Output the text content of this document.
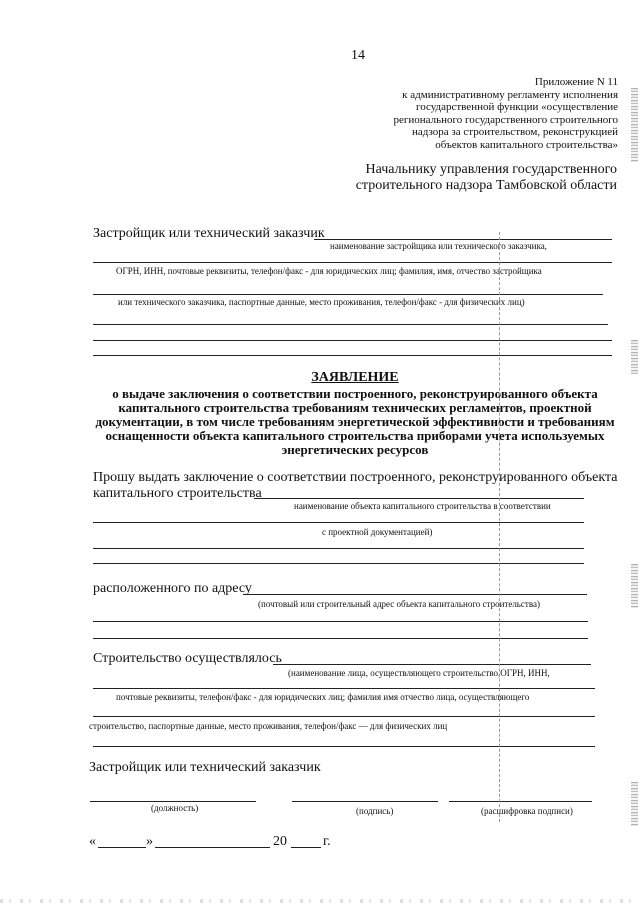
14
Приложение N 11
к административному регламенту исполнения
государственной функции «осуществление
регионального государственного строительного
надзора за строительством, реконструкцией
объектов капитального строительства»
Начальнику управления государственного
строительного надзора Тамбовской области
Застройщик или технический заказчик
наименование застройщика или технического заказчика,
ОГРН, ИНН, почтовые реквизиты, телефон/факс - для юридических лиц; фамилия, имя, отчество застройщика
или технического заказчика, паспортные данные, место проживания, телефон/факс - для физических лиц)
ЗАЯВЛЕНИЕ
о выдаче заключения о соответствии построенного, реконструированного объекта
капитального строительства требованиям технических регламентов, проектной
документации, в том числе требованиям энергетической эффективности и требованиям
оснащенности объекта капитального строительства приборами учета используемых
энергетических ресурсов
Прошу выдать заключение о соответствии построенного, реконструированного объекта
капитального строительства
наименование объекта капитального строительства в соответствии
с проектной документацией)
расположенного по адресу
(почтовый или строительный адрес объекта капитального строительства)
Строительство осуществлялось
(наименование лица, осуществляющего строительство,ОГРН, ИНН,
почтовые реквизиты, телефон/факс - для юридических лиц; фамилия имя отчество лица, осуществляющего
строительство, паспортные данные, место проживания, телефон/факс — для физических лиц
Застройщик или технический заказчик
(должность)	(подпись)	(расшифровка подписи)
«	»	20	г.
